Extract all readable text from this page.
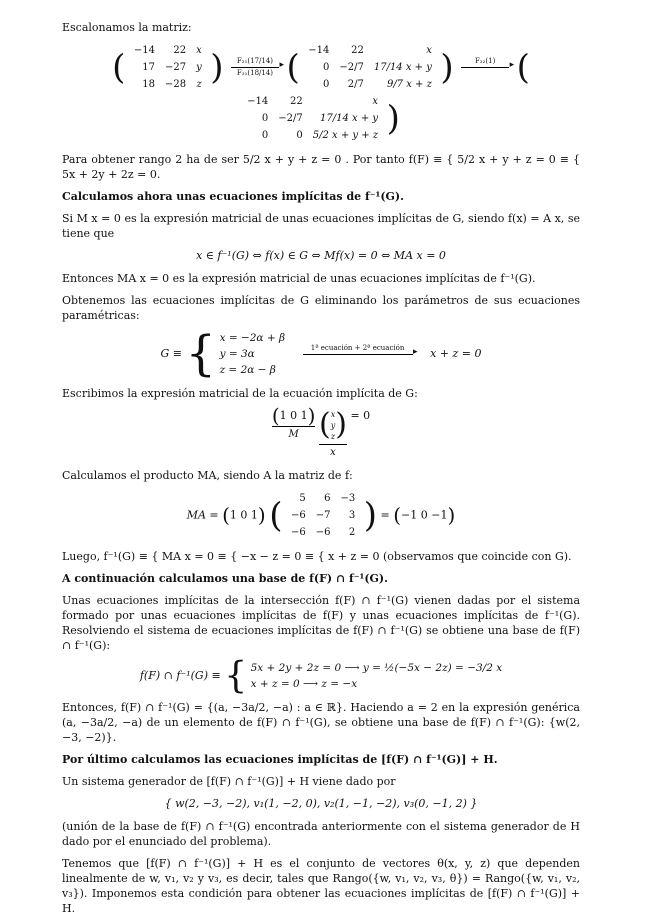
Escalonamos la matriz:

( −14	22	x
17	−27	y
18	−28	z ) F₂₁(17/14)
▸
F₃₁(18/14) ( −14	22	x
0	−2/7	17/14 x + y
0	2/7	9/7 x + z )	F₃₂(1)
▸
( −14	22	x
0	−2/7	17/14 x + y
0	0	5/2 x + y + z )

Para obtener rango 2 ha de ser 5/2 x + y + z = 0 . Por tanto f(F) ≡ { 5/2 x + y + z = 0 ≡ { 5x + 2y + 2z = 0.

Calculamos ahora unas ecuaciones implícitas de f⁻¹(G).

Si M x = 0 es la expresión matricial de unas ecuaciones implícitas de G, siendo f(x) = A x, se tiene que

x ∈ f⁻¹(G) ⇔ f(x) ∈ G ⇔ Mf(x) = 0 ⇔ MA x = 0

Entonces MA x = 0 es la expresión matricial de unas ecuaciones implícitas de f⁻¹(G).

Obtenemos las ecuaciones implícitas de G eliminando los parámetros de sus ecuaciones paramétricas:

G ≡ { x = −2α + β
y = 3α
z = 2α − β

1ª ecuación + 2ª ecuación ▸
	x + z = 0

Escribimos la expresión matricial de la ecuación implícita de G:

(1 0 1)
M ( x
y
z )
x
= 0

Calculamos el producto MA, siendo A la matriz de f:

MA = (1 0 1) ( 5	6	−3
−6	−7	3
−6	−6	2 ) = (−1 0 −1)

Luego, f⁻¹(G) ≡ { MA x = 0 ≡ { −x − z = 0 ≡ { x + z = 0 (observamos que coincide con G).

A continuación calculamos una base de f(F) ∩ f⁻¹(G).

Unas ecuaciones implícitas de la intersección f(F) ∩ f⁻¹(G) vienen dadas por el sistema formado por unas ecuaciones implícitas de f(F) y unas ecuaciones implícitas de f⁻¹(G). Resolviendo el sistema de ecuaciones implícitas de f(F) ∩ f⁻¹(G) se obtiene una base de f(F) ∩ f⁻¹(G):

f(F) ∩ f⁻¹(G) ≡ { 5x + 2y + 2z = 0 ⟶ y = ½(−5x − 2z) = −3/2 x
x + z = 0 ⟶ z = −x

Entonces, f(F) ∩ f⁻¹(G) = {(a, −3a/2, −a) : a ∈ ℝ}. Haciendo a = 2 en la expresión genérica (a, −3a/2, −a) de un elemento de f(F) ∩ f⁻¹(G), se obtiene una base de f(F) ∩ f⁻¹(G): {w(2, −3, −2)}.

Por último calculamos las ecuaciones implícitas de [f(F) ∩ f⁻¹(G)] + H.

Un sistema generador de [f(F) ∩ f⁻¹(G)] + H viene dado por

{ w(2, −3, −2), v₁(1, −2, 0), v₂(1, −1, −2), v₃(0, −1, 2) }

(unión de la base de f(F) ∩ f⁻¹(G) encontrada anteriormente con el sistema generador de H dado por el enunciado del problema).

Tenemos que [f(F) ∩ f⁻¹(G)] + H es el conjunto de vectores θ(x, y, z) que dependen linealmente de w, v₁, v₂ y v₃, es decir, tales que Rango({w, v₁, v₂, v₃, θ}) = Rango({w, v₁, v₂, v₃}). Imponemos esta condición para obtener las ecuaciones implícitas de [f(F) ∩ f⁻¹(G)] + H.
